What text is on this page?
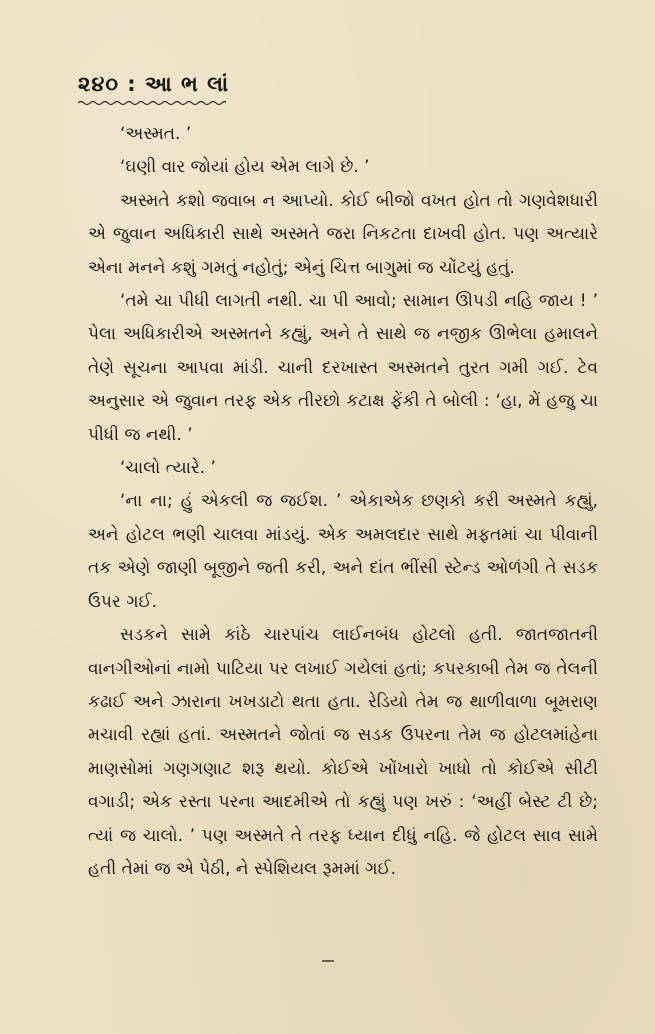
૨૪૦ : આ ભ લાં

‘અસ્મત. ’

‘ઘણી વાર જોયાં હોય એમ લાગે છે. ’

અસ્મતે કશો જવાબ ન આપ્યો. કોઈ બીજો વખત હોત તો ગણવેશધારી એ જુવાન અધિકારી સાથે અસ્મતે જરા નિકટતા દાખવી હોત. પણ અત્યારે એના મનને કશું ગમતું નહોતું; એનું ચિત્ત બાગુમાં જ ચોંટયું હતું.

‘તમે ચા પીધી લાગતી નથી. ચા પી આવો; સામાન ઊપડી નહિ જાય ! ’ પેલા અધિકારીએ અસ્મતને કહ્યું, અને તે સાથે જ નજીક ઊભેલા હમાલને તેણે સૂચના આપવા માંડી. ચાની દરખાસ્ત અસ્મતને તુરત ગમી ગઈ. ટેવ અનુસાર એ જુવાન તરફ એક તીરછો કટાક્ષ ફેંકી તે બોલી : ‘હા, મેં હજુ ચા પીધી જ નથી. ’

‘ચાલો ત્યારે. ’

‘ના ના; હું એકલી જ જઈશ. ’ એકાએક છણકો કરી અસ્મતે કહ્યું, અને હોટલ ભણી ચાલવા માંડયું. એક અમલદાર સાથે મફતમાં ચા પીવાની તક એણે જાણી બૂજીને જતી કરી, અને દાંત ભીંસી સ્ટેન્ડ ઓળંગી તે સડક ઉપર ગઈ.

સડકને સામે કાંઠે ચારપાંચ લાઈનબંધ હોટલો હતી. જાતજાતની વાનગીઓનાં નામો પાટિયા પર લખાઈ ગયેલાં હતાં; કપરકાબી તેમ જ તેલની કઢાઈ અને ઝારાના ખખડાટો થતા હતા. રેડિયો તેમ જ થાળીવાળા બૂમરાણ મચાવી રહ્યાં હતાં. અસ્મતને જોતાં જ સડક ઉપરના તેમ જ હોટલમાંહેના માણસોમાં ગણગણાટ શરૂ થયો. કોઈએ ખોંખારો ખાધો તો કોઈએ સીટી વગાડી; એક રસ્તા પરના આદમીએ તો કહ્યું પણ ખરું : ‘અહીં બેસ્ટ ટી છે; ત્યાં જ ચાલો. ’ પણ અસ્મતે તે તરફ ધ્યાન દીધું નહિ. જે હોટલ સાવ સામે હતી તેમાં જ એ પેઠી, ને સ્પેશિયલ રૂમમાં ગઈ.
